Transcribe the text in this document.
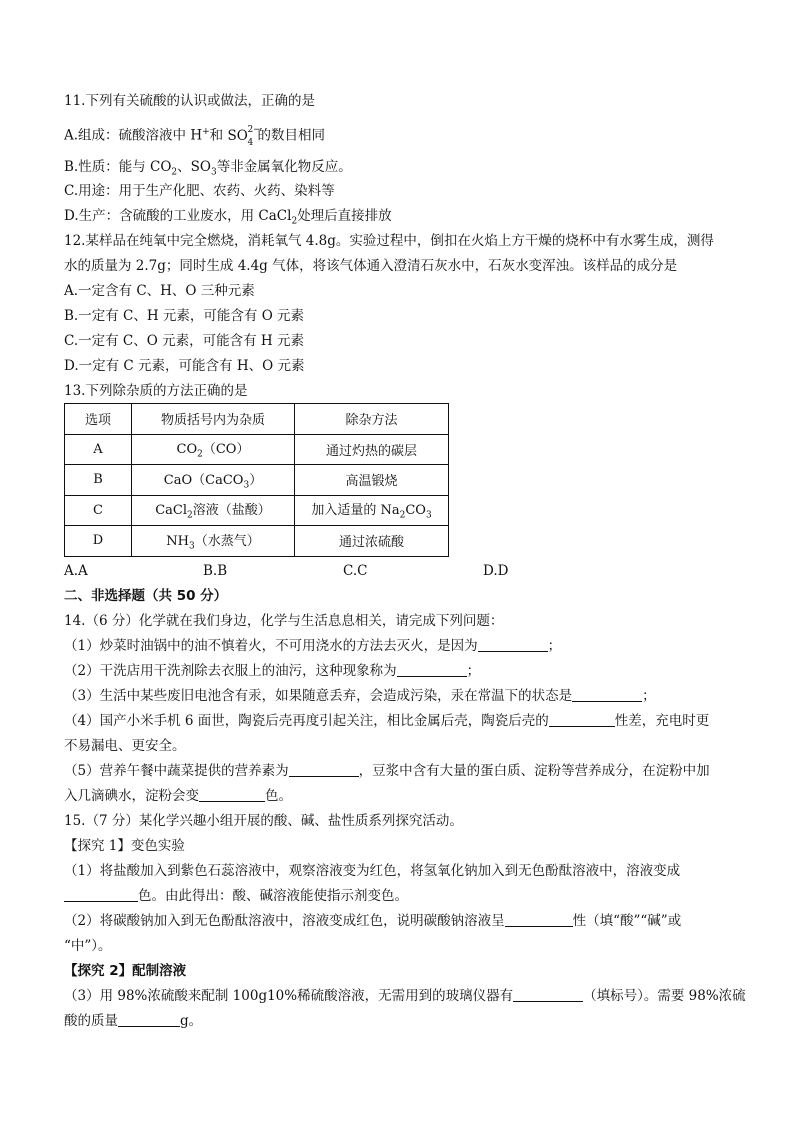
11.下列有关硫酸的认识或做法，正确的是
A.组成：硫酸溶液中 H+和 SO 2−
4 的数目相同
B.性质：能与 $CO_2$、$SO_3$等非金属氧化物反应。
C.用途：用于生产化肥、农药、火药、染料等
D.生产：含硫酸的工业废水，用 CaCl$_2$处理后直接排放
12.某样品在纯氧中完全燃烧，消耗氧气 4.8g。实验过程中，倒扣在火焰上方干燥的烧杯中有水雾生成，测得
水的质量为 2.7g；同时生成 4.4g 气体，将该气体通入澄清石灰水中，石灰水变浑浊。该样品的成分是
A.一定含有 C、H、O 三种元素
B.一定有 C、H 元素，可能含有 O 元素
C.一定有 C、O 元素，可能含有 H 元素
D.一定有 C 元素，可能含有 H、O 元素
13.下列除杂质的方法正确的是
选项	物质括号内为杂质	除杂方法
A	$CO_2(CO)$	通过灼热的碳层
B	CaO（CaCO$_3$）	高温锻烧
C	CaCl$_2$溶液（盐酸）	加入适量的 $Na_2CO_3$
D	$NH_3$（水蒸气）	通过浓硫酸
A.A	B.B	C.C	D.D
二、非选择题（共 50 分）
14.（6 分）化学就在我们身边，化学与生活息息相关，请完成下列问题：
（1）炒菜时油锅中的油不慎着火，不可用浇水的方法去灭火，是因为	；
（2）干洗店用干洗剂除去衣服上的油污，这种现象称为	；
（3）生活中某些废旧电池含有汞，如果随意丢弃，会造成污染，汞在常温下的状态是	；
（4）国产小米手机 6 面世，陶瓷后壳再度引起关注，相比金属后壳，陶瓷后壳的	性差，充电时更
不易漏电、更安全。
（5）营养午餐中蔬菜提供的营养素为	，豆浆中含有大量的蛋白质、淀粉等营养成分，在淀粉中加
入几滴碘水，淀粉会变	色。
15.（7 分）某化学兴趣小组开展的酸、碱、盐性质系列探究活动。
【探究 1】变色实验
（1）将盐酸加入到紫色石蕊溶液中，观察溶液变为红色，将氢氧化钠加入到无色酚酞溶液中，溶液变成
色。由此得出：酸、碱溶液能使指示剂变色。
（2）将碳酸钠加入到无色酚酞溶液中，溶液变成红色，说明碳酸钠溶液呈	性（填“酸”“碱”或
“中”）。
【探究 2】配制溶液
（3）用 98%浓硫酸来配制 100g10%稀硫酸溶液，无需用到的玻璃仪器有	（填标号）。需要 98%浓硫
酸的质量	g。
